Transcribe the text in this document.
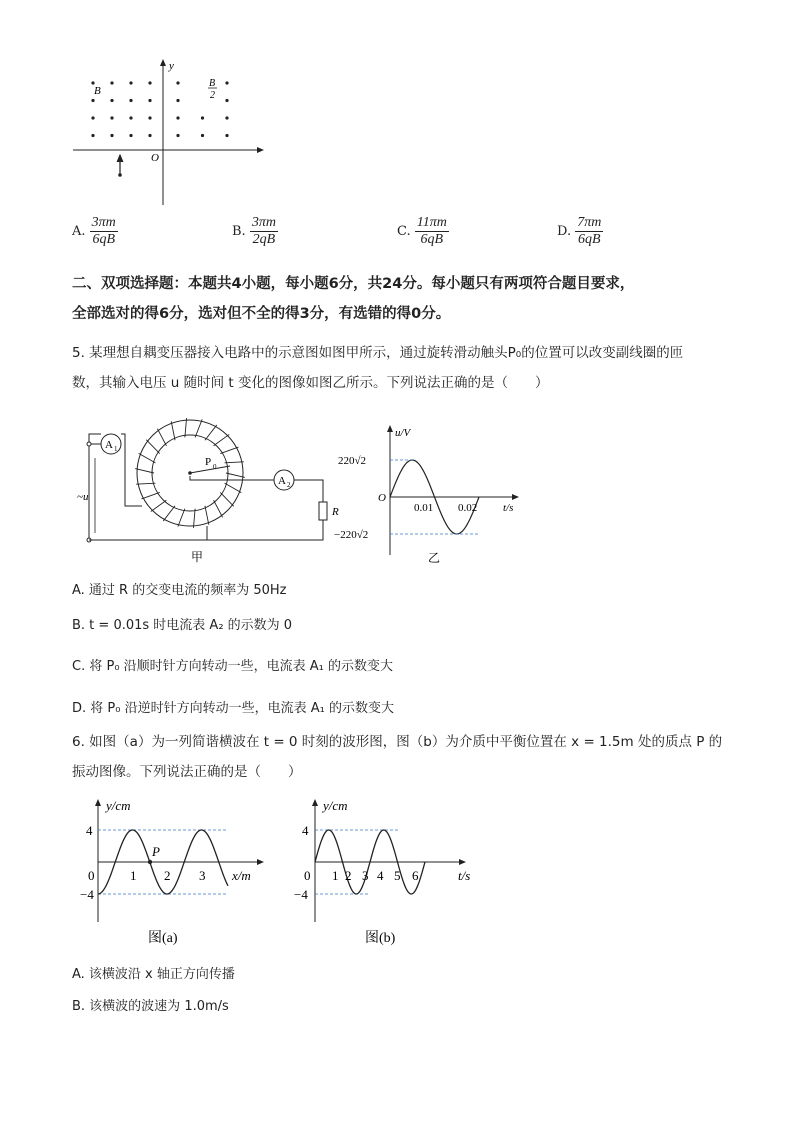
y
O
B
B
2
A. $\frac{3\pi m}{6qB}$	B. $\frac{3\pi m}{2qB}$	C. $\frac{11\pi m}{6qB}$	D. $\frac{7\pi m}{6qB}$
二、双项选择题：本题共4小题，每小题6分，共24分。每小题只有两项符合题目要求，
全部选对的得6分，选对但不全的得3分，有选错的得0分。
5. 某理想自耦变压器接入电路中的示意图如图甲所示，通过旋转滑动触头P₀的位置可以改变副线圈的匝
数，其输入电压 u 随时间 t 变化的图像如图乙所示。下列说法正确的是（　　）
A 1
~u
P 0
A 2
R
甲
u/V
220√2
−220√2
O
0.01 0.02 t/s
乙
A. 通过 R 的交变电流的频率为 50Hz
B. t = 0.01s 时电流表 A₂ 的示数为 0
C. 将 P₀ 沿顺时针方向转动一些，电流表 A₁ 的示数变大
D. 将 P₀ 沿逆时针方向转动一些，电流表 A₁ 的示数变大
6. 如图（a）为一列简谐横波在 t = 0 时刻的波形图，图（b）为介质中平衡位置在 x = 1.5m 处的质点 P 的
振动图像。下列说法正确的是（　　）
P
y/cm
4
−4
0	1 2 3 x/m
图(a)
y/cm
4
−4
0 1 2 3 4 5 6	t/s
图(b)
A. 该横波沿 x 轴正方向传播
B. 该横波的波速为 1.0m/s
